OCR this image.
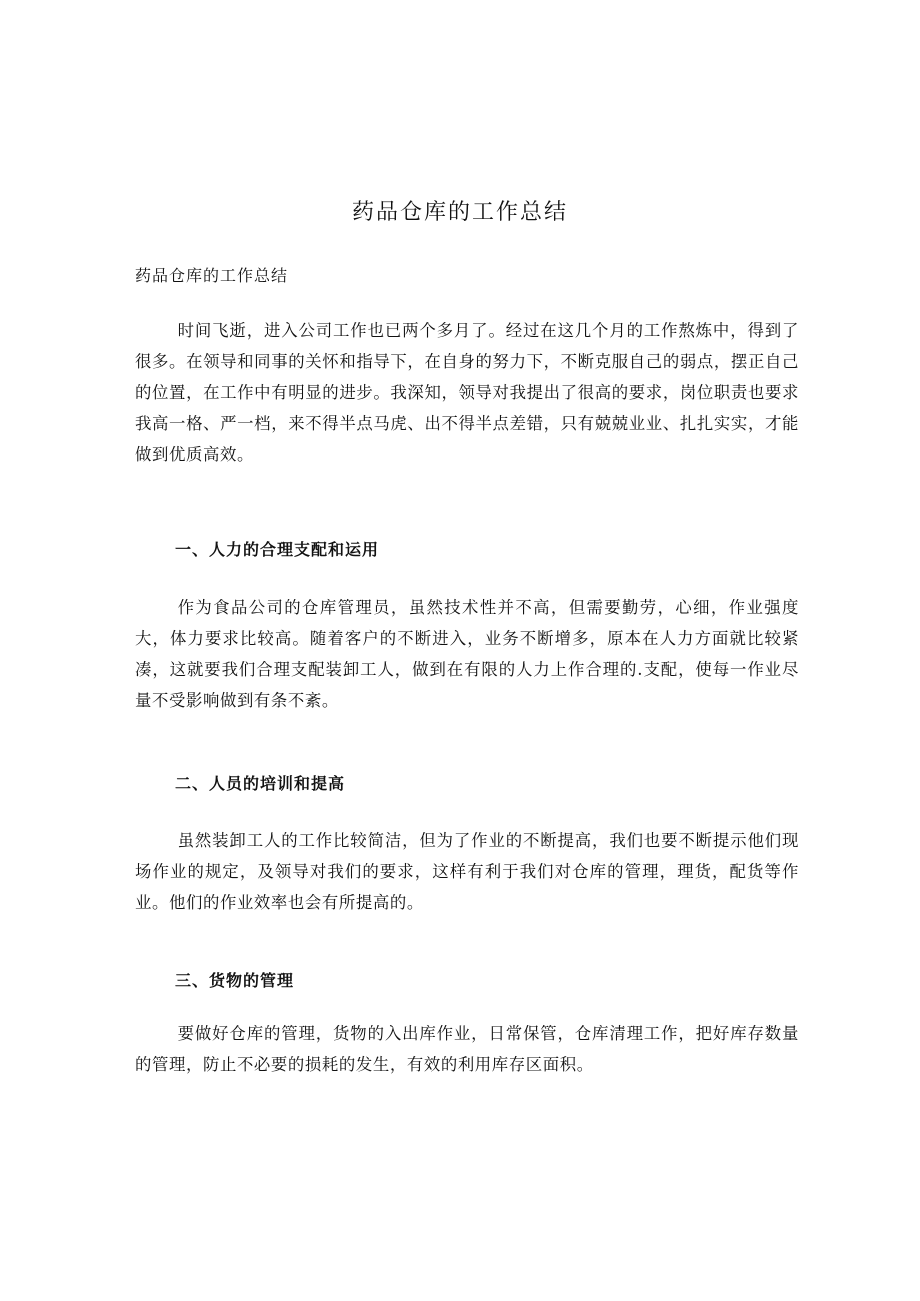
药品仓库的工作总结

药品仓库的工作总结

时间飞逝，进入公司工作也已两个多月了。经过在这几个月的工作熬炼中，得到了很多。在领导和同事的关怀和指导下，在自身的努力下，不断克服自己的弱点，摆正自己的位置，在工作中有明显的进步。我深知，领导对我提出了很高的要求，岗位职责也要求我高一格、严一档，来不得半点马虎、出不得半点差错，只有兢兢业业、扎扎实实，才能做到优质高效。

一、人力的合理支配和运用

作为食品公司的仓库管理员，虽然技术性并不高，但需要勤劳，心细，作业强度大，体力要求比较高。随着客户的不断进入，业务不断增多，原本在人力方面就比较紧凑，这就要我们合理支配装卸工人，做到在有限的人力上作合理的.支配，使每一作业尽量不受影响做到有条不紊。

二、人员的培训和提高

虽然装卸工人的工作比较简洁，但为了作业的不断提高，我们也要不断提示他们现场作业的规定，及领导对我们的要求，这样有利于我们对仓库的管理，理货，配货等作业。他们的作业效率也会有所提高的。

三、货物的管理

要做好仓库的管理，货物的入出库作业，日常保管，仓库清理工作，把好库存数量的管理，防止不必要的损耗的发生，有效的利用库存区面积。
